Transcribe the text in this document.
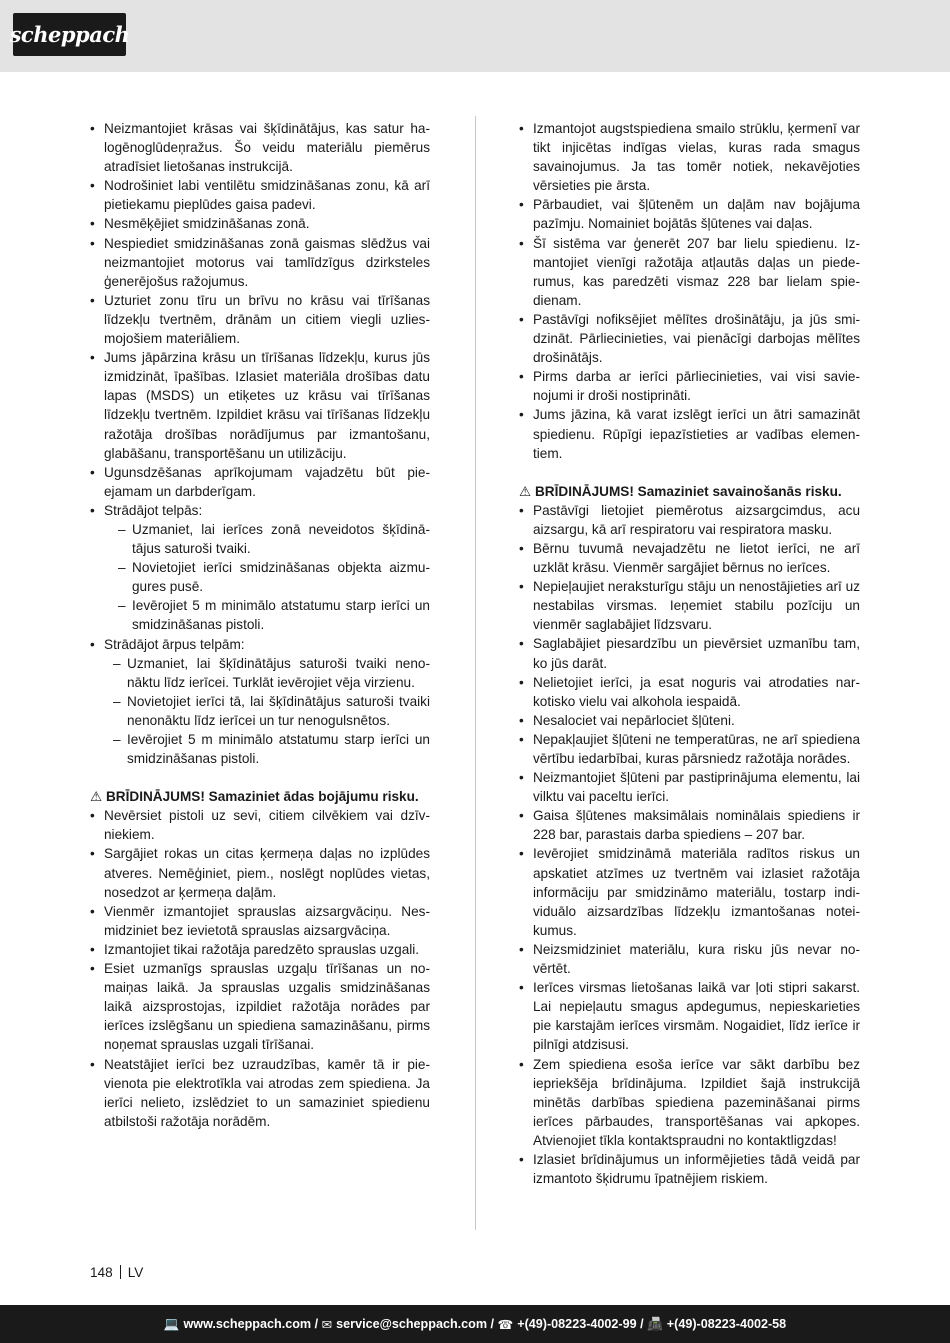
scheppach
• Neizmantojiet krāsas vai šķīdinātājus, kas satur halogēnoglūdeņražus. Šo veidu materiālu piemērus atradīsiet lietošanas instrukcijā.
• Nodrošiniet labi ventilētu smidzināšanas zonu, kā arī pietiekamu pieplūdes gaisa padevi.
• Nesmēķējiet smidzināšanas zonā.
• Nespiediet smidzināšanas zonā gaismas slēdžus vai neizmantojiet motorus vai tamlīdzīgus dzirksteles ģenerējošus ražojumus.
• Uzturiet zonu tīru un brīvu no krāsu vai tīrīšanas līdzekļu tvertnēm, drānām un citiem viegli uzliesmojošiem materiāliem.
• Jums jāpārzina krāsu un tīrīšanas līdzekļu, kurus jūs izmidzināt, īpašības. Izlasiet materiāla drošības datu lapas (MSDS) un etiķetes uz krāsu vai tīrīšanas līdzekļu tvertnēm. Izpildiet krāsu vai tīrīšanas līdzekļu ražotāja drošības norādījumus par izmantošanu, glabāšanu, transportēšanu un utilizāciju.
• Ugunsdzēšanas aprīkojumam vajadzētu būt pieejamam un darbderīgam.
• Strādājot telpās:
– Uzmaniet, lai ierīces zonā neveidotos šķīdinātājus saturoši tvaiki.
– Novietojiet ierīci smidzināšanas objekta aizmugures pusē.
– Ievērojiet 5 m minimālo atstatumu starp ierīci un smidzināšanas pistoli.
• Strādājot ārpus telpām:
– Uzmaniet, lai šķīdinātājus saturoši tvaiki nenonāktu līdz ierīcei. Turklāt ievērojiet vēja virzienu.
– Novietojiet ierīci tā, lai šķīdinātājus saturoši tvaiki nenonāktu līdz ierīcei un tur nenogulsnētos.
– Ievērojiet 5 m minimālo atstatumu starp ierīci un smidzināšanas pistoli.
⚠ BRĪDINĀJUMS! Samaziniet ādas bojājumu risku.
• Nevērsiet pistoli uz sevi, citiem cilvēkiem vai dzīvniekiem.
• Sargājiet rokas un citas ķermeņa daļas no izplūdes atveres. Nemēģiniet, piem., noslēgt noplūdes vietas, nosedzot ar ķermeņa daļām.
• Vienmēr izmantojiet sprauslas aizsargvāciņu. Nesmidziniet bez ievietotā sprauslas aizsargvāciņa.
• Izmantojiet tikai ražotāja paredzēto sprauslas uzgali.
• Esiet uzmanīgs sprauslas uzgaļu tīrīšanas un nomaiņas laikā. Ja sprauslas uzgalis smidzināšanas laikā aizsprostojas, izpildiet ražotāja norādes par ierīces izslēgšanu un spiediena samazināšanu, pirms noņemat sprauslas uzgali tīrīšanai.
• Neatstājiet ierīci bez uzraudzības, kamēr tā ir pievienota pie elektrotīkla vai atrodas zem spiediena. Ja ierīci nelieto, izslēdziet to un samaziniet spiedienu atbilstoši ražotāja norādēm.
• Izmantojot augstspiediena smailo strūklu, ķermenī var tikt injicētas indīgas vielas, kuras rada smagus savainojumus. Ja tas tomēr notiek, nekavējoties vērsieties pie ārsta.
• Pārbaudiet, vai šļūtenēm un daļām nav bojājuma pazīmju. Nomainiet bojātās šļūtenes vai daļas.
• Šī sistēma var ģenerēt 207 bar lielu spiedienu. Izmantojiet vienīgi ražotāja atļautās daļas un piederumus, kas paredzēti vismaz 228 bar lielam spiedienam.
• Pastāvīgi nofiksējiet mēlītes drošinātāju, ja jūs smidzināt. Pārliecinieties, vai pienācīgi darbojas mēlītes drošinātājs.
• Pirms darba ar ierīci pārliecinieties, vai visi savienojumi ir droši nostiprināti.
• Jums jāzina, kā varat izslēgt ierīci un ātri samazināt spiedienu. Rūpīgi iepazīstieties ar vadības elementiem.
⚠ BRĪDINĀJUMS! Samaziniet savainošanās risku.
• Pastāvīgi lietojiet piemērotus aizsargcimdus, acu aizsargu, kā arī respiratoru vai respiratora masku.
• Bērnu tuvumā nevajadzētu ne lietot ierīci, ne arī uzklāt krāsu. Vienmēr sargājiet bērnus no ierīces.
• Nepieļaujiet neraksturīgu stāju un nenostājieties arī uz nestabilas virsmas. Ieņemiet stabilu pozīciju un vienmēr saglabājiet līdzsvaru.
• Saglabājiet piesardzību un pievērsiet uzmanību tam, ko jūs darāt.
• Nelietojiet ierīci, ja esat noguris vai atrodaties narkotisko vielu vai alkohola iespaidā.
• Nesalociet vai nepārlociet šļūteni.
• Nepakļaujiet šļūteni ne temperatūras, ne arī spiediena vērtību iedarbībai, kuras pārsniedz ražotāja norādes.
• Neizmantojiet šļūteni par pastiprinājuma elementu, lai vilktu vai paceltu ierīci.
• Gaisa šļūtenes maksimālais nominālais spiediens ir 228 bar, parastais darba spiediens – 207 bar.
• Ievērojiet smidzināmā materiāla radītos riskus un apskatiet atzīmes uz tvertnēm vai izlasiet ražotāja informāciju par smidzināmo materiālu, tostarp individuālo aizsardzības līdzekļu izmantošanas noteikumus.
• Neizsmidziniet materiālu, kura risku jūs nevar novērtēt.
• Ierīces virsmas lietošanas laikā var ļoti stipri sakarst. Lai nepieļautu smagus apdegumus, nepieskarieties pie karstajām ierīces virsmām. Nogaidiet, līdz ierīce ir pilnīgi atdzisusi.
• Zem spiediena esoša ierīce var sākt darbību bez iepriekšēja brīdinājuma. Izpildiet šajā instrukcijā minētās darbības spiediena pazemināšanai pirms ierīces pārbaudes, transportēšanas vai apkopes. Atvienojiet tīkla kontaktspraudni no kontaktligzdas!
• Izlasiet brīdinājumus un informējieties tādā veidā par izmantoto šķidrumu īpatnējiem riskiem.
148 LV
💻 www.scheppach.com /
✉ service@scheppach.com /
☎ +(49)-08223-4002-99 /
📠 +(49)-08223-4002-58
